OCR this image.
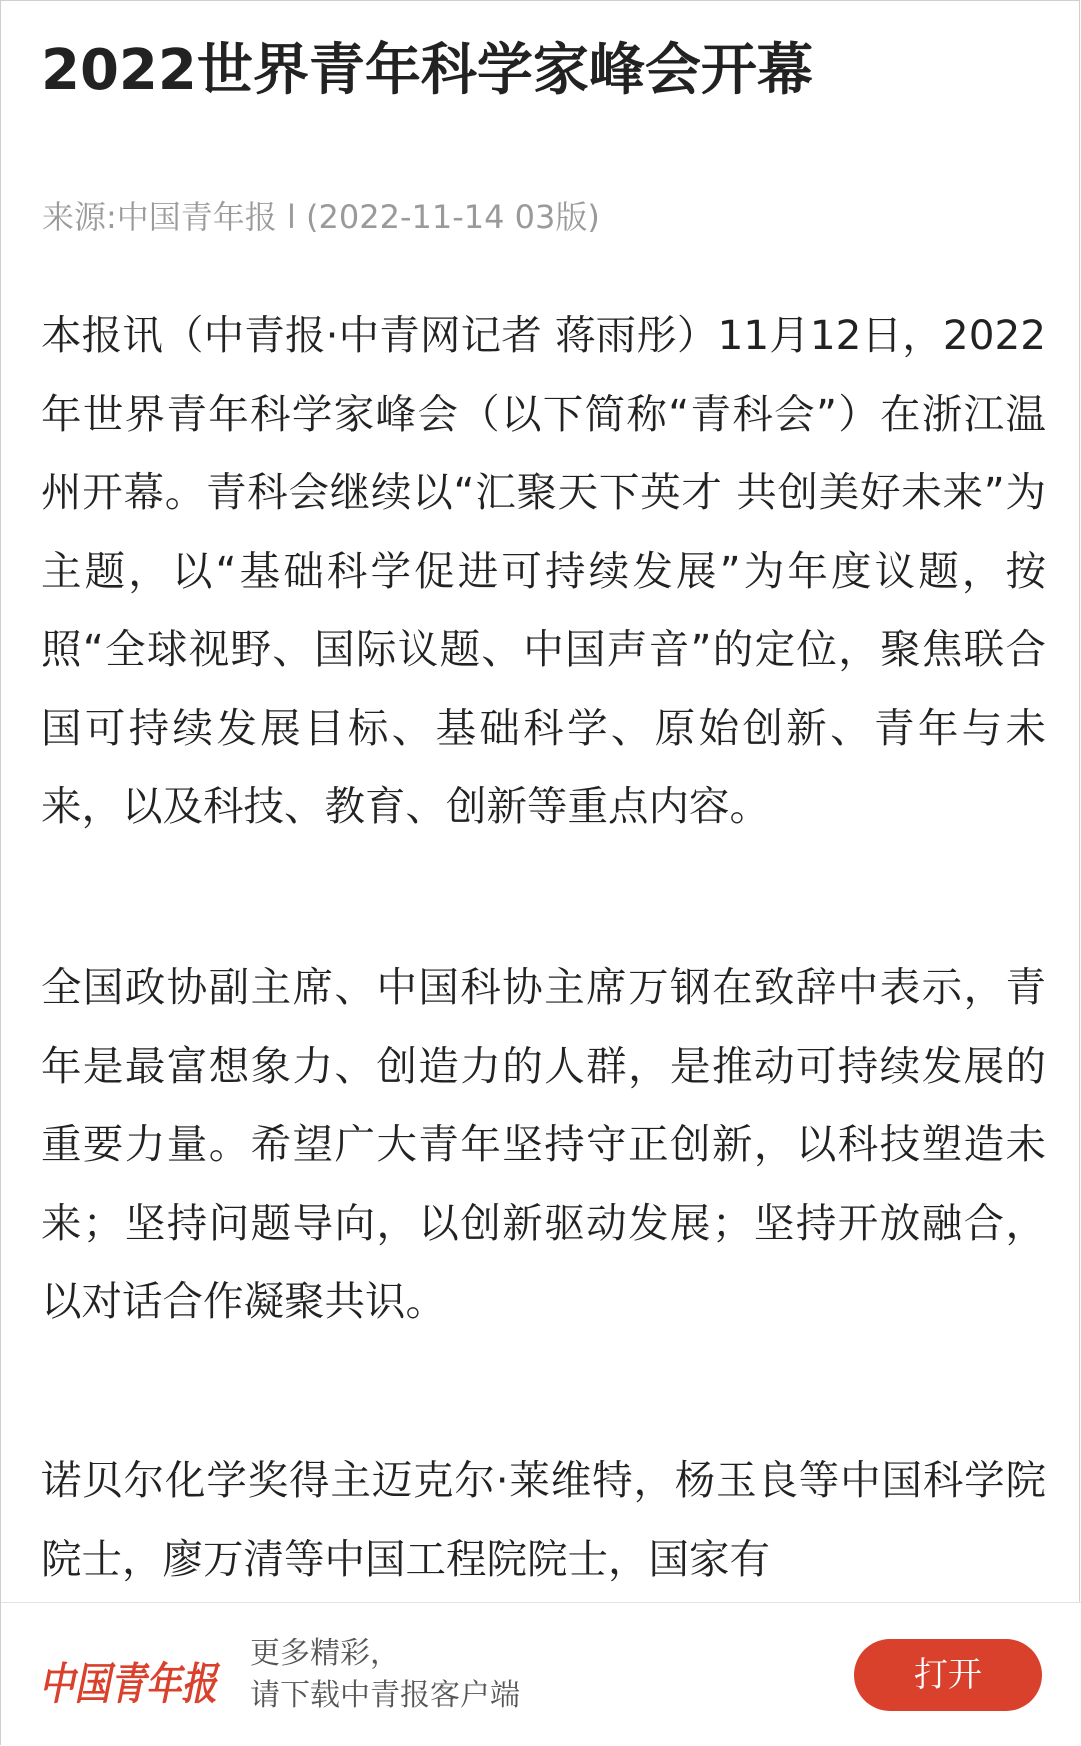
2022世界青年科学家峰会开幕
来源:中国青年报 l (2022-11-14 03版)

本报讯（中青报·中青网记者 蒋雨彤）11月12日，2022年世界青年科学家峰会（以下简称“青科会”）在浙江温州开幕。青科会继续以“汇聚天下英才 共创美好未来”为主题，以“基础科学促进可持续发展”为年度议题，按照“全球视野、国际议题、中国声音”的定位，聚焦联合国可持续发展目标、基础科学、原始创新、青年与未来，以及科技、教育、创新等重点内容。

全国政协副主席、中国科协主席万钢在致辞中表示，青年是最富想象力、创造力的人群，是推动可持续发展的重要力量。希望广大青年坚持守正创新，以科技塑造未来；坚持问题导向，以创新驱动发展；坚持开放融合，以对话合作凝聚共识。

诺贝尔化学奖得主迈克尔·莱维特，杨玉良等中国科学院院士，廖万清等中国工程院院士，国家有

中国青年报
更多精彩，
请下载中青报客户端
打开
